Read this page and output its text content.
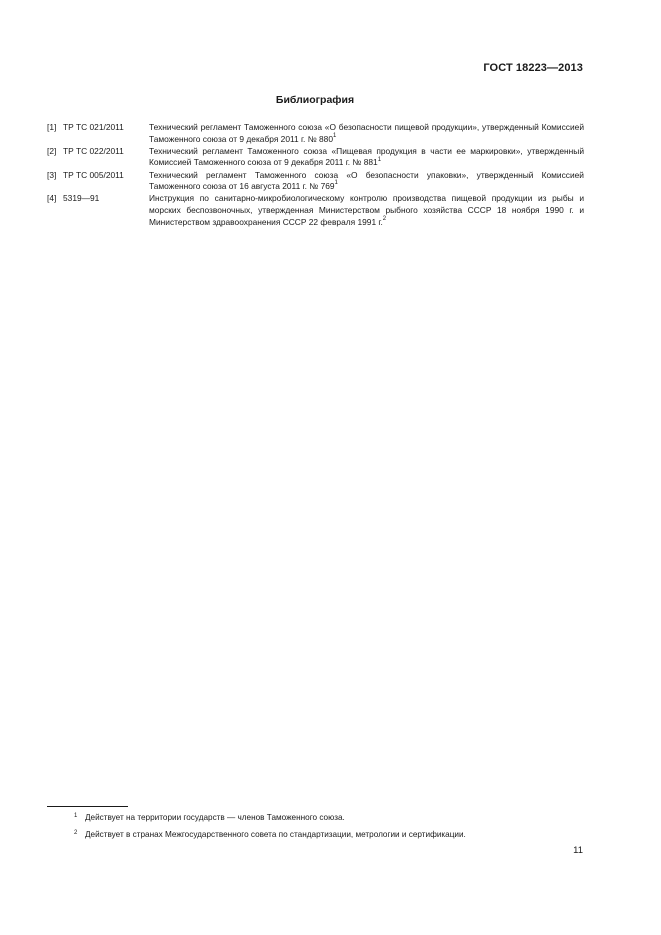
ГОСТ 18223—2013
Библиография
[1] ТР ТС 021/2011	Технический регламент Таможенного союза «О безопасности пищевой продукции», утвержденный Комиссией Таможенного союза от 9 декабря 2011 г. № $880^1$
[2] ТР ТС 022/2011	Технический регламент Таможенного союза «Пищевая продукция в части ее маркировки», утвержденный Комиссией Таможенного союза от 9 декабря 2011 г. № $881^1$
[3] ТР ТС 005/2011	Технический регламент Таможенного союза «О безопасности упаковки», утвержденный Комиссией Таможенного союза от 16 августа 2011 г. № $769^1$
[4] 5319—91	Инструкция по санитарно-микробиологическому контролю производства пищевой продукции из рыбы и морских беспозвоночных, утвержденная Министерством рыбного хозяйства СССР 18 ноября 1990 г. и Министерством здравоохранения СССР 22 февраля 1991 г.$^2$
1 Действует на территории государств — членов Таможенного союза.
2 Действует в странах Межгосударственного совета по стандартизации, метрологии и сертификации.
11
